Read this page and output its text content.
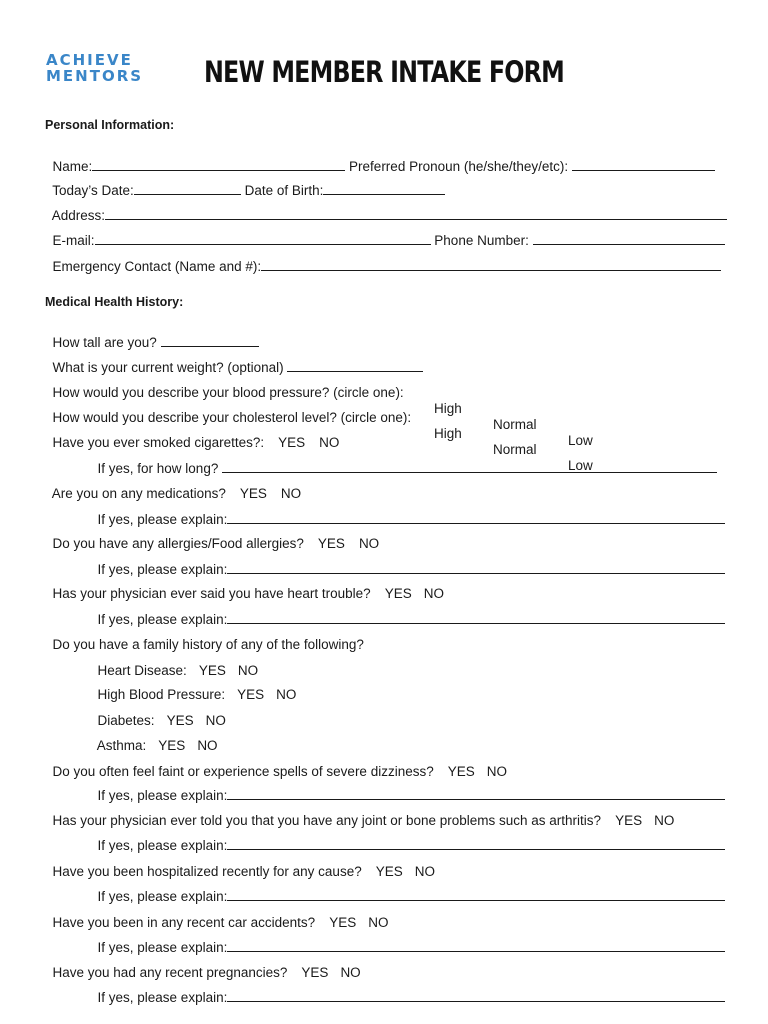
ACHIEVE
MENTORS	NEW MEMBER INTAKE FORM
Personal Information:

Name:	Preferred Pronoun (he/she/they/etc):

Today’s Date:	Date of Birth:

Address:

E-mail:	Phone Number:

Emergency Contact (Name and #):

Medical Health History:

How tall are you?

What is your current weight? (optional)

How would you describe your blood pressure? (circle one):

High

Normal

Low

How would you describe your cholesterol level? (circle one):

High

Normal

Low

Have you ever smoked cigarettes?: YES NO

If yes, for how long?

Are you on any medications? YES NO

If yes, please explain:

Do you have any allergies/Food allergies? YES NO

If yes, please explain:

Has your physician ever said you have heart trouble? YES NO

If yes, please explain:

Do you have a family history of any of the following?

Heart Disease: YES NO

High Blood Pressure: YES NO

Diabetes: YES NO

Asthma: YES NO

Do you often feel faint or experience spells of severe dizziness? YES NO

If yes, please explain:

Has your physician ever told you that you have any joint or bone problems such as arthritis? YES NO

If yes, please explain:

Have you been hospitalized recently for any cause? YES NO

If yes, please explain:

Have you been in any recent car accidents? YES NO

If yes, please explain:

Have you had any recent pregnancies? YES NO

If yes, please explain:
